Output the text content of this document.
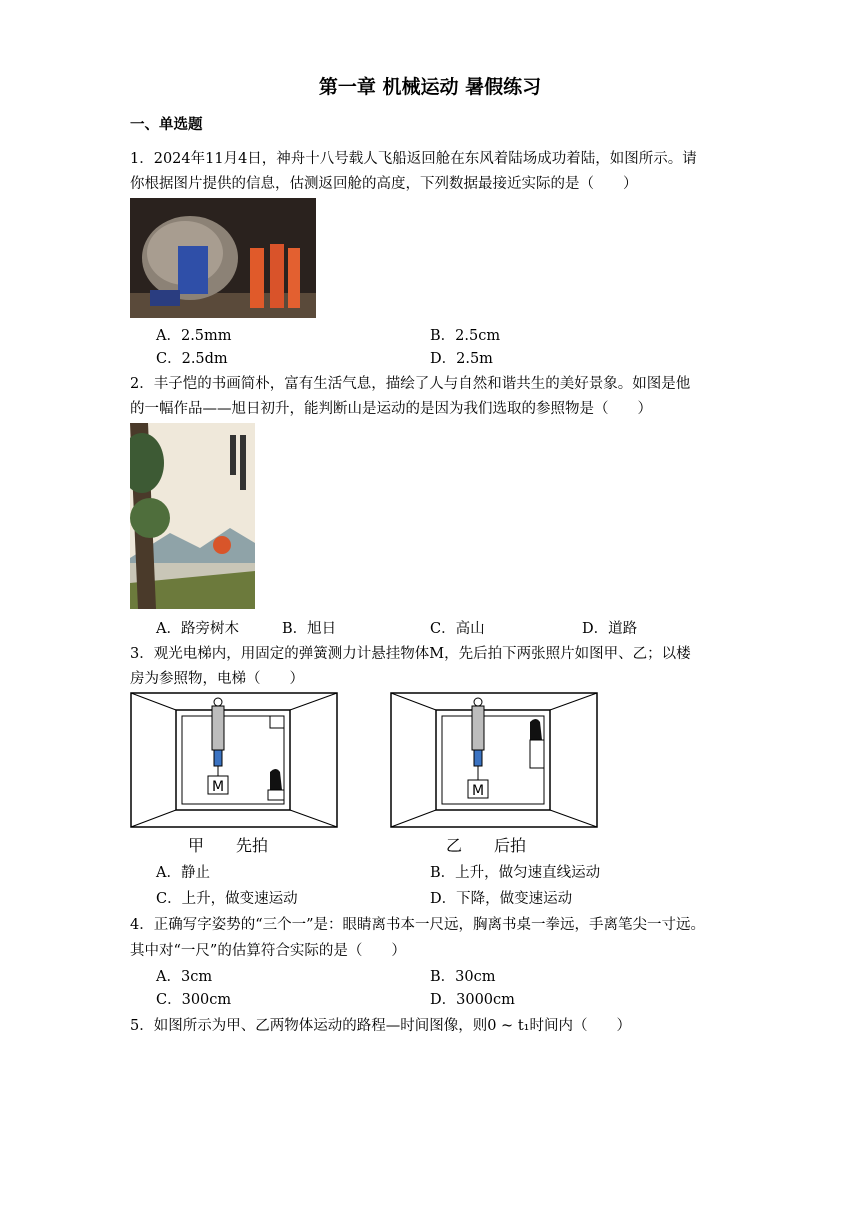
第一章 机械运动 暑假练习
一、单选题
1．2024年11月4日，神舟十八号载人飞船返回舱在东风着陆场成功着陆，如图所示。请
你根据图片提供的信息，估测返回舱的高度，下列数据最接近实际的是（　　）
A．2.5mm	B．2.5cm
C．2.5dm	D．2.5m
2．丰子恺的书画简朴，富有生活气息，描绘了人与自然和谐共生的美好景象。如图是他
的一幅作品——旭日初升，能判断山是运动的是因为我们选取的参照物是（　　）
A．路旁树木	B．旭日	C．高山	D．道路
3．观光电梯内，用固定的弹簧测力计悬挂物体M，先后拍下两张照片如图甲、乙；以楼
房为参照物，电梯（　　）
M
甲　　先拍
M
乙　　后拍
A．静止	B．上升，做匀速直线运动
C．上升，做变速运动	D．下降，做变速运动
4．正确写字姿势的“三个一”是：眼睛离书本一尺远，胸离书桌一拳远，手离笔尖一寸远。
其中对“一尺”的估算符合实际的是（　　）
A．3cm	B．30cm
C．300cm	D．3000cm
5．如图所示为甲、乙两物体运动的路程—时间图像，则0 ~ t₁时间内（　　）
